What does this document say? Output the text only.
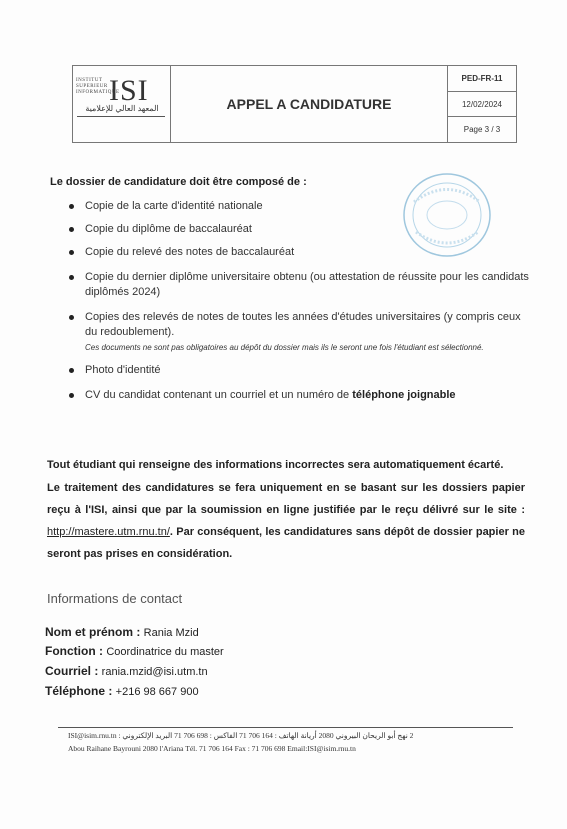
INSTITUT SUPERIEUR INFORMATIQUE
ISI
المعهد العالي للإعلامية	APPEL A CANDIDATURE
PED-FR-11
12/02/2024
Page 3 / 3
Le dossier de candidature doit être composé de :
Copie de la carte d'identité nationale
Copie du diplôme de baccalauréat
Copie du relevé des notes de baccalauréat
Copie du dernier diplôme universitaire obtenu (ou attestation de réussite pour les candidats diplômés 2024)
Copies des relevés de notes de toutes les années d'études universitaires (y compris ceux du redoublement).
Ces documents ne sont pas obligatoires au dépôt du dossier mais ils le seront une fois l'étudiant est sélectionné.
Photo d'identité
CV du candidat contenant un courriel et un numéro de téléphone joignable
Tout étudiant qui renseigne des informations incorrectes sera automatiquement écarté.
Le traitement des candidatures se fera uniquement en se basant sur les dossiers papier reçu à l'ISI, ainsi que par la soumission en ligne justifiée par le reçu délivré sur le site : http://mastere.utm.rnu.tn/. Par conséquent, les candidatures sans dépôt de dossier papier ne seront pas prises en considération.
Informations de contact
Nom et prénom : Rania Mzid
Fonction : Coordinatrice du master
Courriel : rania.mzid@isi.utm.tn
Téléphone : +216 98 667 900
2 نهج أبو الريحان البيروني 2080 أريانة الهاتف : 164 706 71 الفاكس : 698 706 71 البريد الإلكتروني : ISI@isim.rnu.tn
Abou Raihane Bayrouni 2080 l'Ariana Tél. 71 706 164 Fax : 71 706 698 Email:ISI@isim.rnu.tn
